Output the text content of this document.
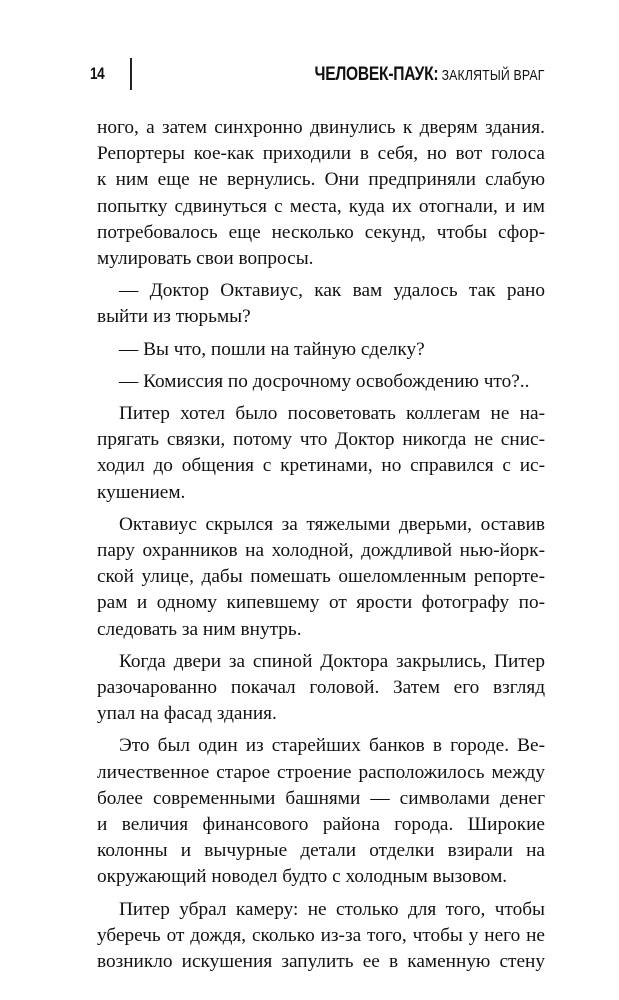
14	ЧЕЛОВЕК-ПАУК: ЗАКЛЯТЫЙ ВРАГ

ного, а затем синхронно двинулись к дверям здания.
Репортеры кое-как приходили в себя, но вот голоса
к ним еще не вернулись. Они предприняли слабую
попытку сдвинуться с места, куда их отогнали, и им
потребовалось еще несколько секунд, чтобы сфор-
мулировать свои вопросы.

— Доктор Октавиус, как вам удалось так рано
выйти из тюрьмы?

— Вы что, пошли на тайную сделку?

— Комиссия по досрочному освобождению что?..

Питер хотел было посоветовать коллегам не на-
прягать связки, потому что Доктор никогда не снис-
ходил до общения с кретинами, но справился с ис-
кушением.

Октавиус скрылся за тяжелыми дверьми, оставив
пару охранников на холодной, дождливой нью-йорк-
ской улице, дабы помешать ошеломленным репорте-
рам и одному кипевшему от ярости фотографу по-
следовать за ним внутрь.

Когда двери за спиной Доктора закрылись, Питер
разочарованно покачал головой. Затем его взгляд
упал на фасад здания.

Это был один из старейших банков в городе. Ве-
личественное старое строение расположилось между
более современными башнями — символами денег
и величия финансового района города. Широкие
колонны и вычурные детали отделки взирали на
окружающий новодел будто с холодным вызовом.

Питер убрал камеру: не столько для того, чтобы
уберечь от дождя, сколько из-за того, чтобы у него не
возникло искушения запулить ее в каменную стену
